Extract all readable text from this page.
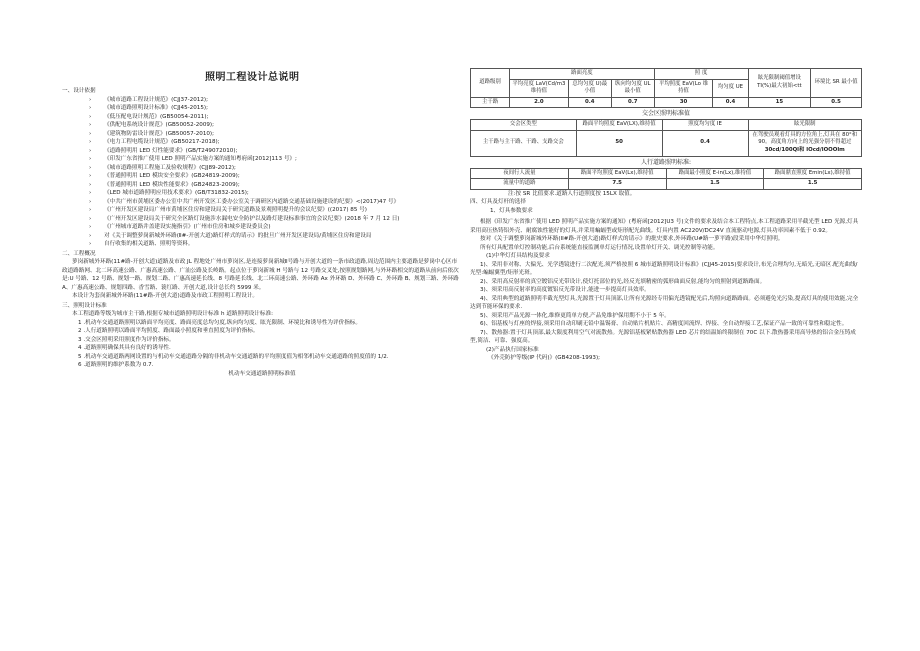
照明工程设计总说明
一、设计依据
›	《城市道路工程设计规范》(CJJ37-2012);
›	《城市道路照明设计标准》(CJJ45-2015);
›	《低压配电设计规范》(GB50054-2011);
›	《供配电系统设计规范》(GB50052-2009);
›	《建筑物防雷设计规范》(GB50057-2010);
›	《电力工程电缆设计规范》(GB50217-2018);
›	《道路照明用 LED 灯性能要求》(GB/T249072010);
›	《印发广东省推广使用 LED 照明产品实施方案的通知粤府函[2012]113 号》;
›	《城市道路照明工程施工及验收规程》(CJJ89-2012);
›	《普通照明用 LED 模块安全要求》(GB24819-2009);
›	《普通照明用 LED 模块性能要求》(GB24823-2009);
›	《LED 城市道路照明应用技术要求》(GB/T31832-2015);
›	《中共广州市黄埔区委办公室中共广州开发区工委办公室关于调研区内道路交通基础设施建设的纪要》<(2017)47 号》
›	《广州开发区建设局广州市黄埔区住房和建设局关于研究道路及景观照明提升的会议纪要》((2017) 85 号)
›	《广州开发区建设局关于研究全区路灯设施涉水漏电安全防护以及路灯建设标准事宜的会议纪要》(2018 年 7 月 12 日)
›	《广州城市道路井盖建设实施指引》(广州市住房和城乡建设委员会)
›	对《关于调整萝岗新城外环路(Ⅱ#-开创大道)路灯样式的请示》的批旦广州开发区建设局/黄埔区住房和建设局
›	自行收集的相关道路、照明等资料。
二、工程概况
萝岗新城外环路(11#路-开创大道)道路及市政 JL 程地处广州市萝岗区,是连接萝岗新城Ⅱ号路与开创大道的一条市政道路,周边范围内主要道路是萝岗中心区市政道路路网、北二环高速公路、广惠高速公路、广汕公路及长岭路。起点位于萝岗新城 H 号路与 12 号路交叉处,按照规划路网,与外环路相交的道路从前向后依次是:U 号路、12 号路、规划一路、规划二路、广惠高速延长线、8 号路延长线、北二环高速公路、外环路 Ax 外环路 D、外环路 C、外环路 B、规划三路、外环路 A、广惠高速公路、规划四路、香雪路、蓑红路、开创大道,设计总长约 5999 米。
本设计为套岗新城外环路(11#路-开创大道)道路及市政工程照明工程设计。
三、照明设计标准
本工程道路等级为城市主干路,根据专城市道路照明设计标准 h 道路照明设计标准:
1 .机动车交通道路照明以路面平均亮度、路面亮度总均匀度,纵向均匀度、眩光限制、环境比和诱导性为评价指标。
2 .人行道路照明以路面平均照度、路面最小照度和垂直照度为评价指标。
3 .交会区照明采用照度作为评价指标。
4 .道路照明确保其具有良好的诱导性.
5 .机动车交通道路两网设置的与机动车交通道路分隔的非机动车交通道路的平均照度值为相邻机动车交通道路的照度值的 1/2.
6 .道路照明的维护系数为 0.7.
机动车交通道路照明标准值
道路级别	路面亮度			照 度		眩光限制阈值增设 TI(%)最大初始<tt	环境比 SR 最小值
	平均亮度 LaV(Cd/m3维持值	总均匀度 U)最小值	纵向均匀度 UL 最小值	平均照度 EaV(Lo 维持值	均匀度 UE		
主干路	2.0	0.4	0.7	30	0.4	15	0.5
交会区照明标准值
交会区类型	路面平均照度 EaV(LX),维持值	照度均匀度 IE	眩光限制
主干路与主干路、干路、支路交会	50	0.4	在驾驶员观看灯具的方位角上,灯具在 80°和 90。高度角方向上的光强分别不得超过
30cd/100Ql和 lOcd/lOOOlm
人行道路照明标准:
夜间行人流量	路面平均照度 EaV(Lx),维持值	路面最小照度 E-in(Lx),维持值	路面鼎直照度 Emin(Lx),维持值
流量中的道路	7.5	1.5	1.5
注:按 SR 比值要求.道路人行道照度按 15LX 取值。
四、灯具及灯杆的选择
1、灯具参数要求
根据《印发广东省推广使用 LED 照明产品实施方案的通知》(粤府函[2012]U3 号)文件的要求及结合本工程特点,本工程道路采用半截光型 LED 光源,灯具采用高压热铸铝外壳、耐腐蚀性能好的灯具,并采用蝙蝠型或矩形配光曲线。灯具内置 AC220V/DC24V 直流驱动电源,灯具功率因素不低于 0.92。
按对《关于调整萝岗新城外环路(II#路-开创大道)路灯样式的请示》的批史要求,外环路(U#路一萝平路)段采用中华灯照明。
所有灯具配置单灯控制功能,后台系统能直接监测单灯运行情况,设置单灯开关、调光控制等功能。
(1)中华灯灯具结构及要求
1)、采用非对称、大偏光、光学透镜进行二次配光,须严格按照 6 城市道路照明设计标准》(CJJ45-2015)要求设计,布光合理均匀,无暗光,无暗区.配光曲线/光型:蝙蝠翼型/矩形光斑。
2)、采用高反射率的真空镀铝反光带设计,使灯托部位的光,经反光填精密的弧形曲面反射,能均匀的照射到道路路面。
3)、须采用高反射率的高度镀铝反光带设计,能进一步提高灯具效率。
4)、采用典型的道路照明半截光型灯具,光源置于灯具顶部,让所有光源经专用偏光透镜配光后,均照向道路路面。必须避免光污染,提高灯具的使用效能,完全达到节能环保的要求.
5)、须采用产品光源一体化,维修更简单方便,产品免维护保用期不小于 5 年。
6)、铝基板与灯座的焊接,须采用自动印刷无铅中温锡膏、自动贴片机贴片、高精度回流焊、焊接、全自动焊接工艺,保证产品一致的可靠性和稳定性。
7)、散热器:置于灯具顶部,最大限度利用空气对流散热。光源铝基板紧贴散热器 LED 芯片的结温始终限制在 70C 以下.散热器采用高导热的铝合金压铸成型,简洁、可靠、强度高。
(2)产品执行国家标准
《外壳防护等级(IP 代码)》(GB4208-1993);
